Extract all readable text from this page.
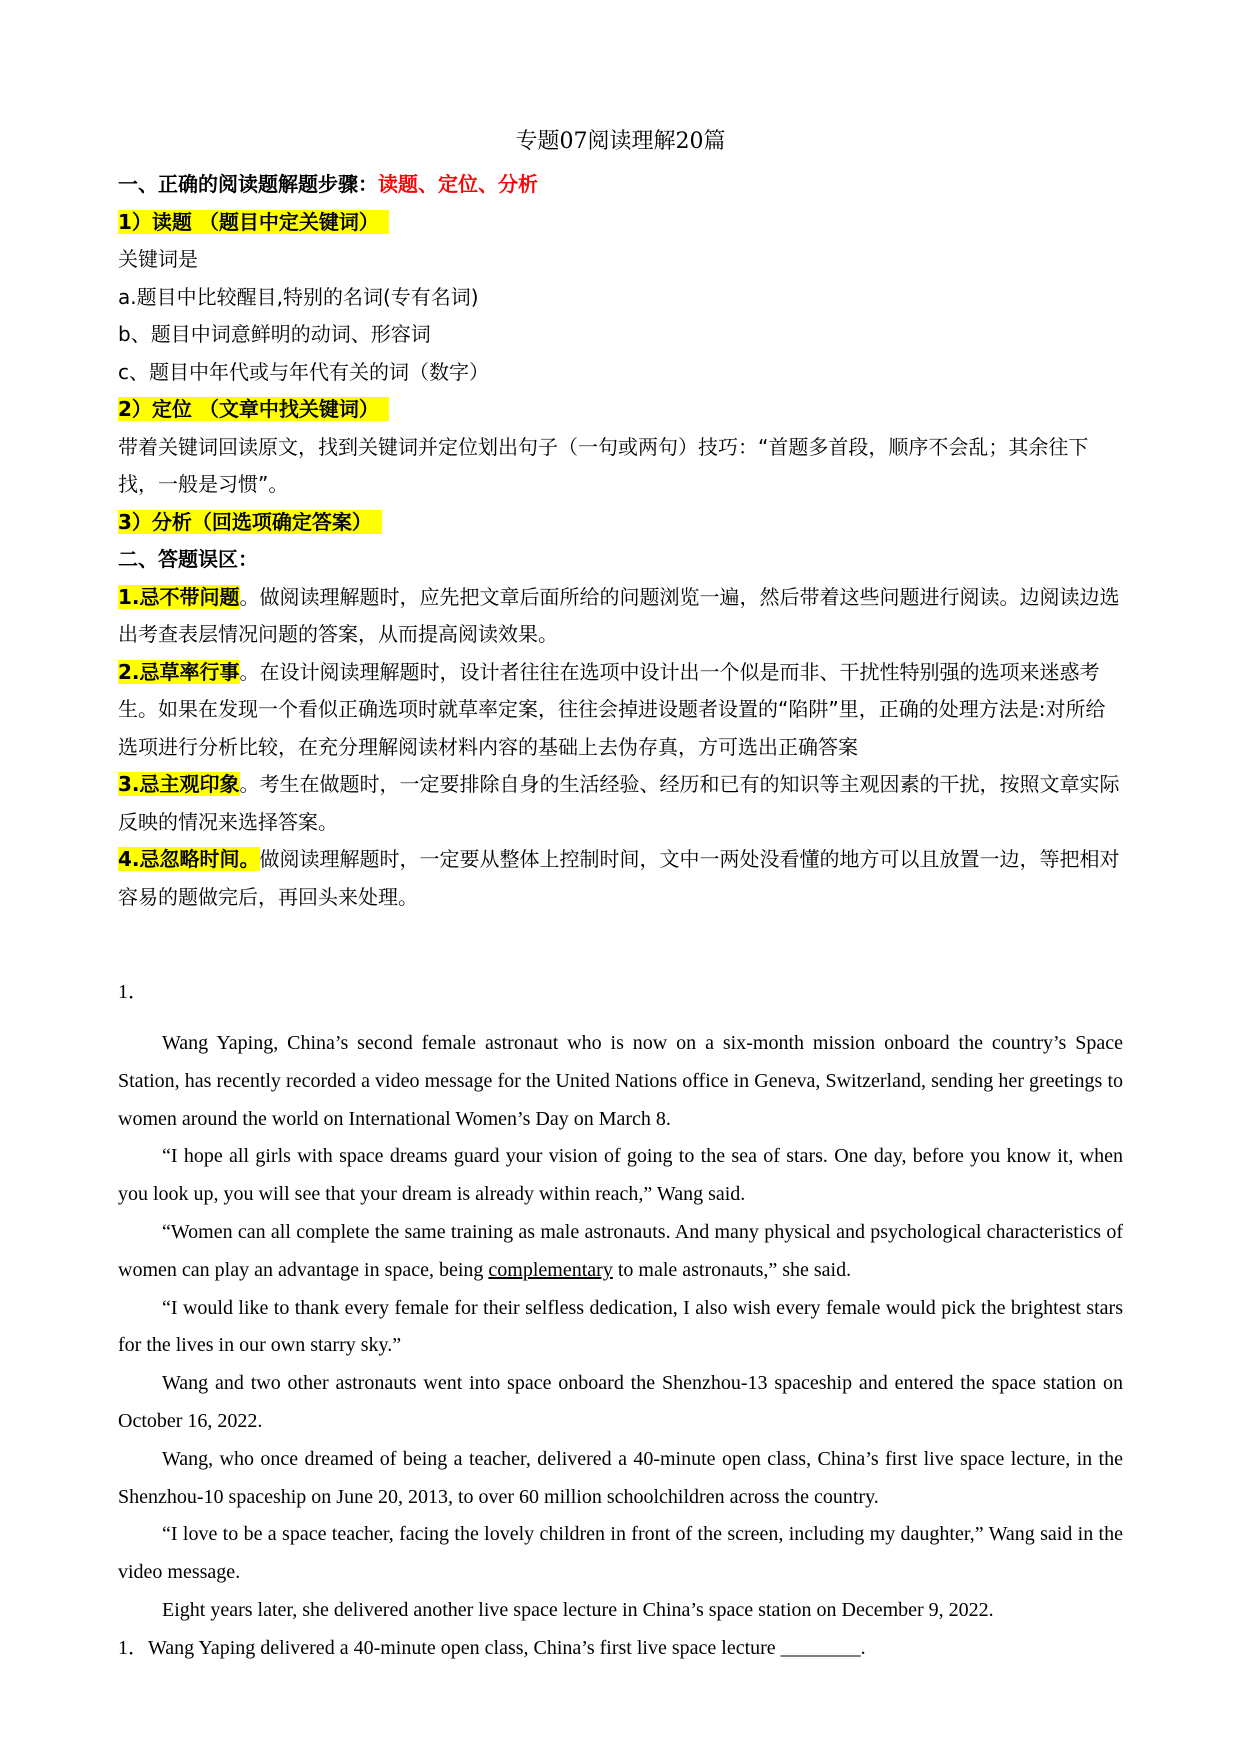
专题07阅读理解20篇

一、正确的阅读题解题步骤：读题、定位、分析

1）读题 （题目中定关键词）

关键词是

a.题目中比较醒目,特别的名词(专有名词)

b、题目中词意鲜明的动词、形容词

c、题目中年代或与年代有关的词（数字）

2）定位 （文章中找关键词）

带着关键词回读原文，找到关键词并定位划出句子（一句或两句）技巧：“首题多首段，顺序不会乱；其余往下找，一般是习惯”。

3）分析（回选项确定答案）

二、答题误区：

1.忌不带问题。做阅读理解题时，应先把文章后面所给的问题浏览一遍，然后带着这些问题进行阅读。边阅读边选出考查表层情况问题的答案，从而提高阅读效果。

2.忌草率行事。在设计阅读理解题时，设计者往往在选项中设计出一个似是而非、干扰性特别强的选项来迷惑考生。如果在发现一个看似正确选项时就草率定案，往往会掉进设题者设置的“陷阱”里，正确的处理方法是:对所给选项进行分析比较，在充分理解阅读材料内容的基础上去伪存真，方可选出正确答案

3.忌主观印象。考生在做题时，一定要排除自身的生活经验、经历和已有的知识等主观因素的干扰，按照文章实际反映的情况来选择答案。

4.忌忽略时间。做阅读理解题时，一定要从整体上控制时间，文中一两处没看懂的地方可以且放置一边，等把相对容易的题做完后，再回头来处理。

1．

Wang Yaping, China’s second female astronaut who is now on a six-month mission onboard the country’s Space Station, has recently recorded a video message for the United Nations office in Geneva, Switzerland, sending her greetings to women around the world on International Women’s Day on March 8.

“I hope all girls with space dreams guard your vision of going to the sea of stars. One day, before you know it, when you look up, you will see that your dream is already within reach,” Wang said.

“Women can all complete the same training as male astronauts. And many physical and psychological characteristics of women can play an advantage in space, being complementary to male astronauts,” she said.

“I would like to thank every female for their selfless dedication, I also wish every female would pick the brightest stars for the lives in our own starry sky.”

Wang and two other astronauts went into space onboard the Shenzhou-13 spaceship and entered the space station on October 16, 2022.

Wang, who once dreamed of being a teacher, delivered a 40-minute open class, China’s first live space lecture, in the Shenzhou-10 spaceship on June 20, 2013, to over 60 million schoolchildren across the country.

“I love to be a space teacher, facing the lovely children in front of the screen, including my daughter,” Wang said in the video message.

Eight years later, she delivered another live space lecture in China’s space station on December 9, 2022.

1．Wang Yaping delivered a 40-minute open class, China’s first live space lecture ________.
